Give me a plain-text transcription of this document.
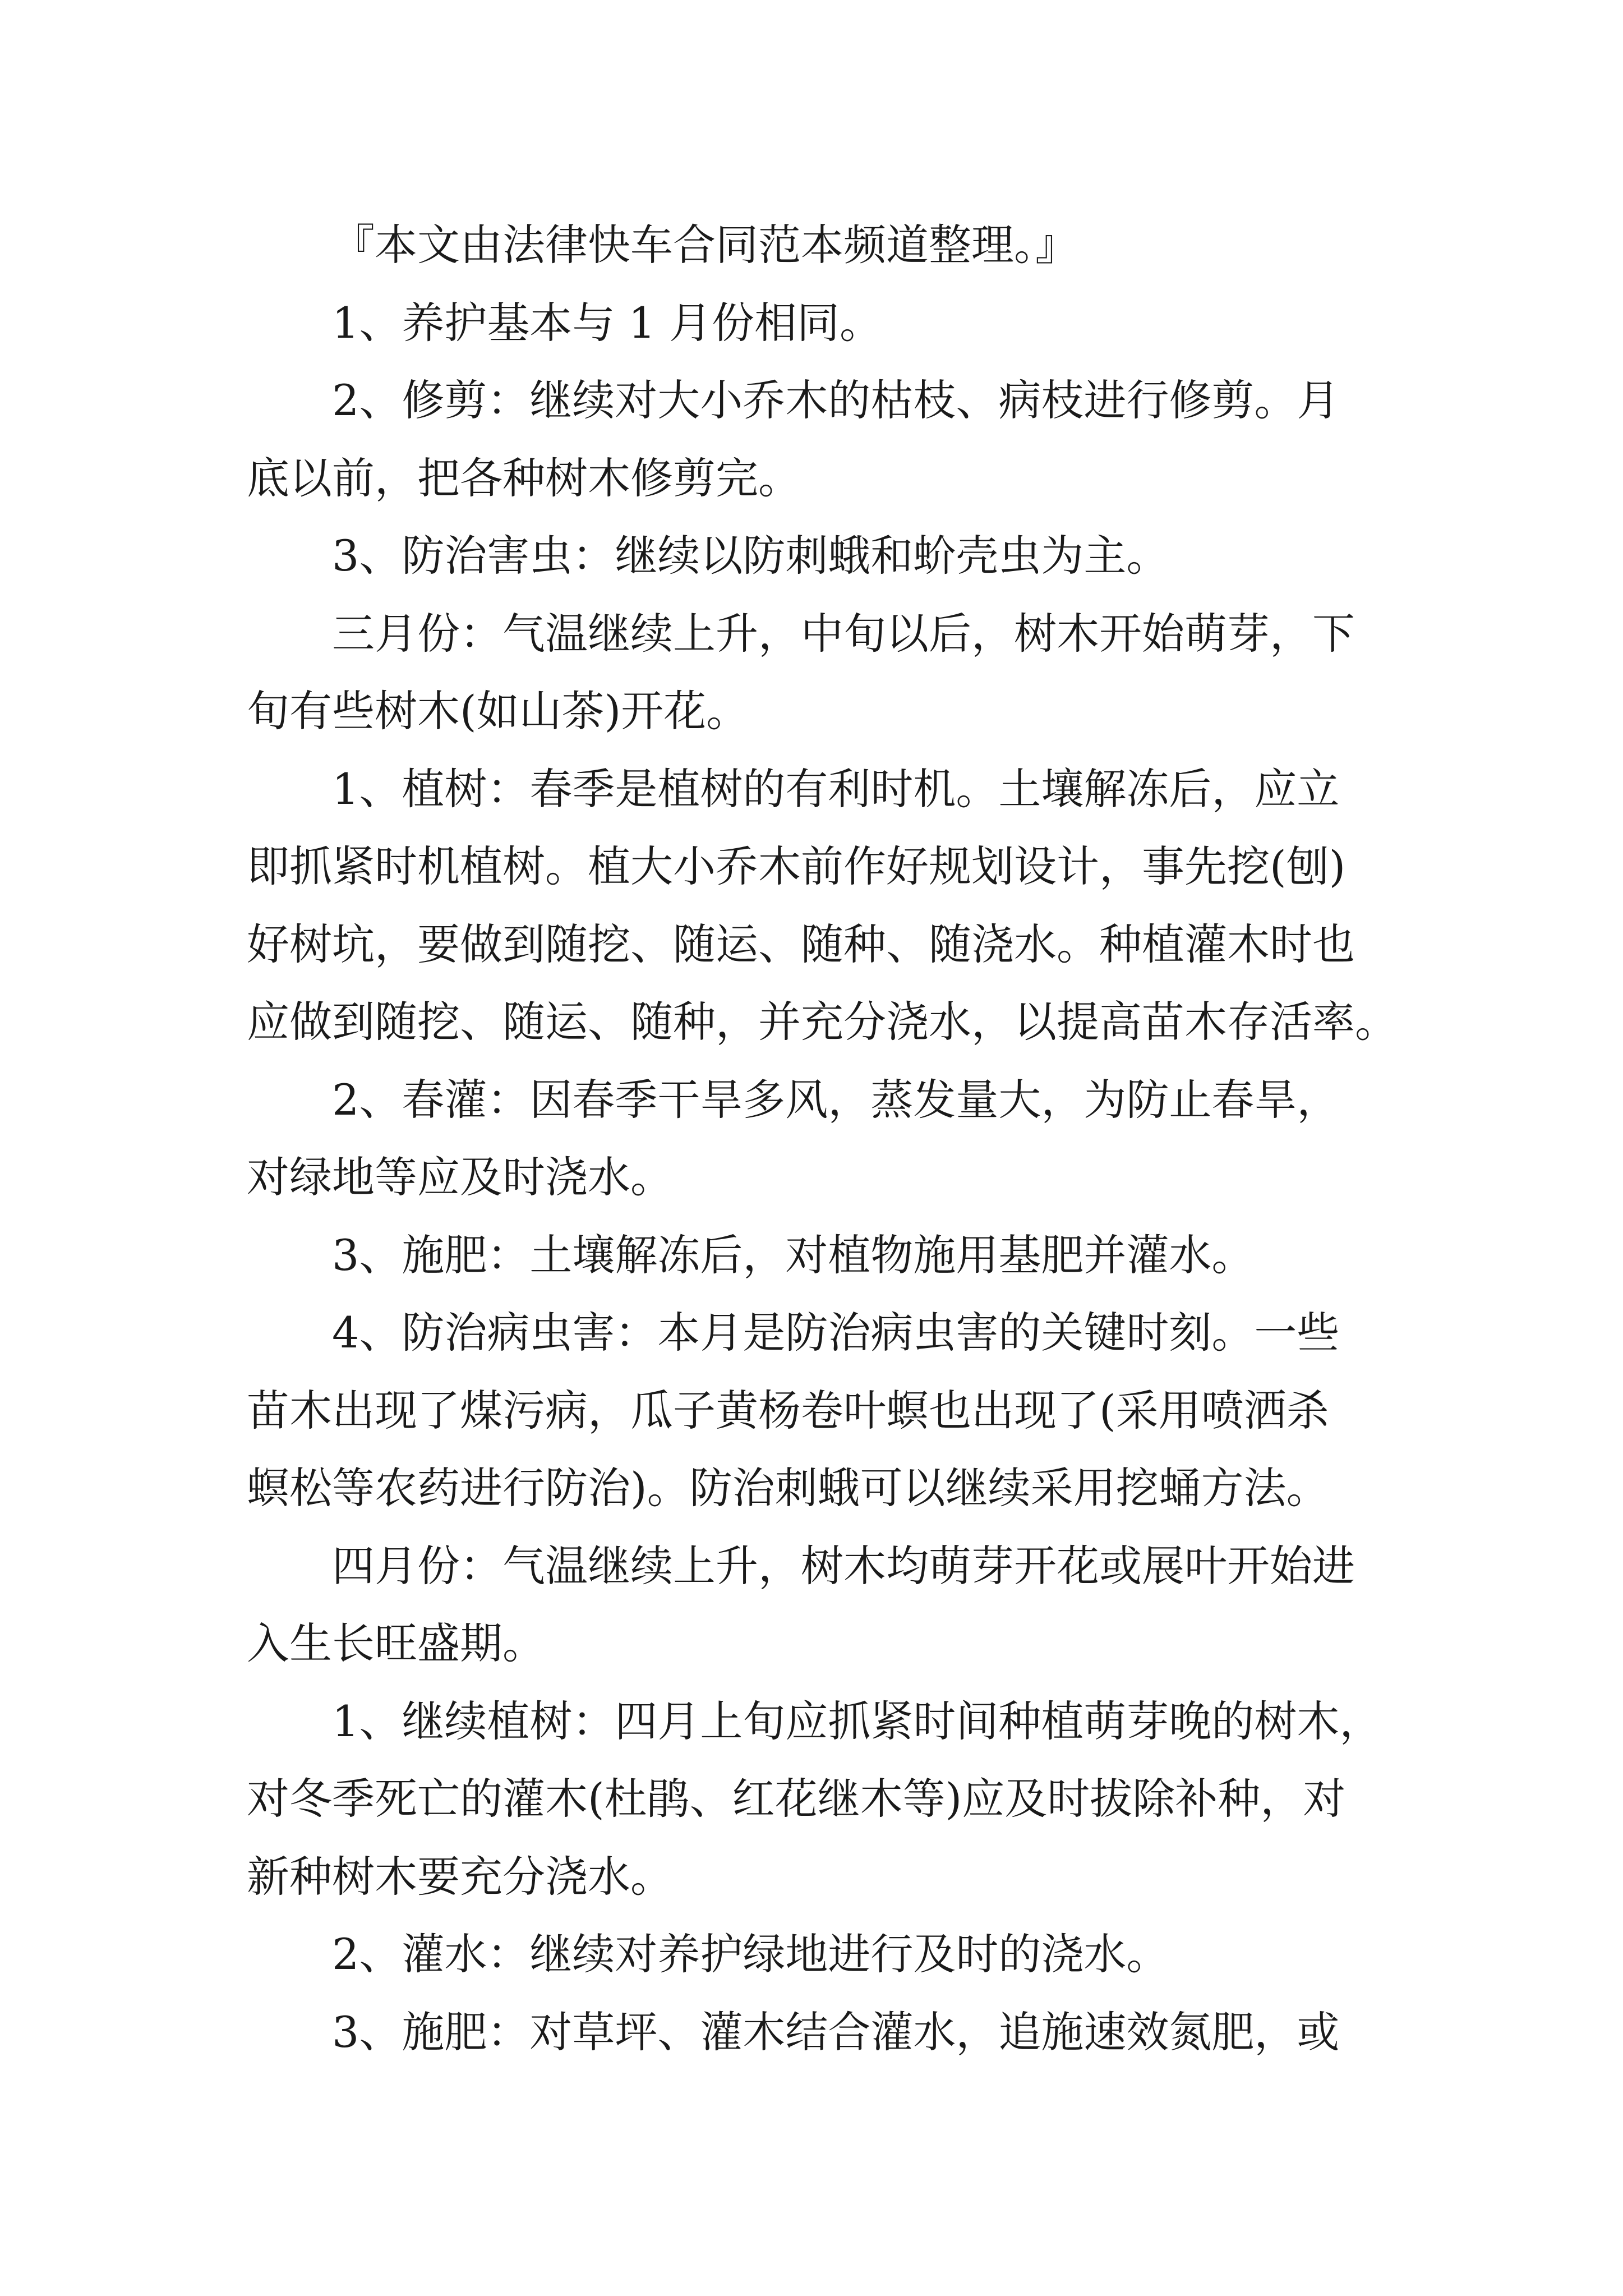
『本文由法律快车合同范本频道整理。』

1、养护基本与 1 月份相同。

2、修剪：继续对大小乔木的枯枝、病枝进行修剪。月
底以前，把各种树木修剪完。

3、防治害虫：继续以防刺蛾和蚧壳虫为主。

三月份：气温继续上升，中旬以后，树木开始萌芽，下
旬有些树木(如山茶)开花。

1、植树：春季是植树的有利时机。土壤解冻后，应立
即抓紧时机植树。植大小乔木前作好规划设计，事先挖(刨)
好树坑，要做到随挖、随运、随种、随浇水。种植灌木时也
应做到随挖、随运、随种，并充分浇水，以提高苗木存活率。

2、春灌：因春季干旱多风，蒸发量大，为防止春旱，
对绿地等应及时浇水。

3、施肥：土壤解冻后，对植物施用基肥并灌水。

4、防治病虫害：本月是防治病虫害的关键时刻。一些
苗木出现了煤污病，瓜子黄杨卷叶螟也出现了(采用喷洒杀
螟松等农药进行防治)。防治刺蛾可以继续采用挖蛹方法。

四月份：气温继续上升，树木均萌芽开花或展叶开始进
入生长旺盛期。

1、继续植树：四月上旬应抓紧时间种植萌芽晚的树木，
对冬季死亡的灌木(杜鹃、红花继木等)应及时拔除补种，对
新种树木要充分浇水。

2、灌水：继续对养护绿地进行及时的浇水。

3、施肥：对草坪、灌木结合灌水，追施速效氮肥，或
